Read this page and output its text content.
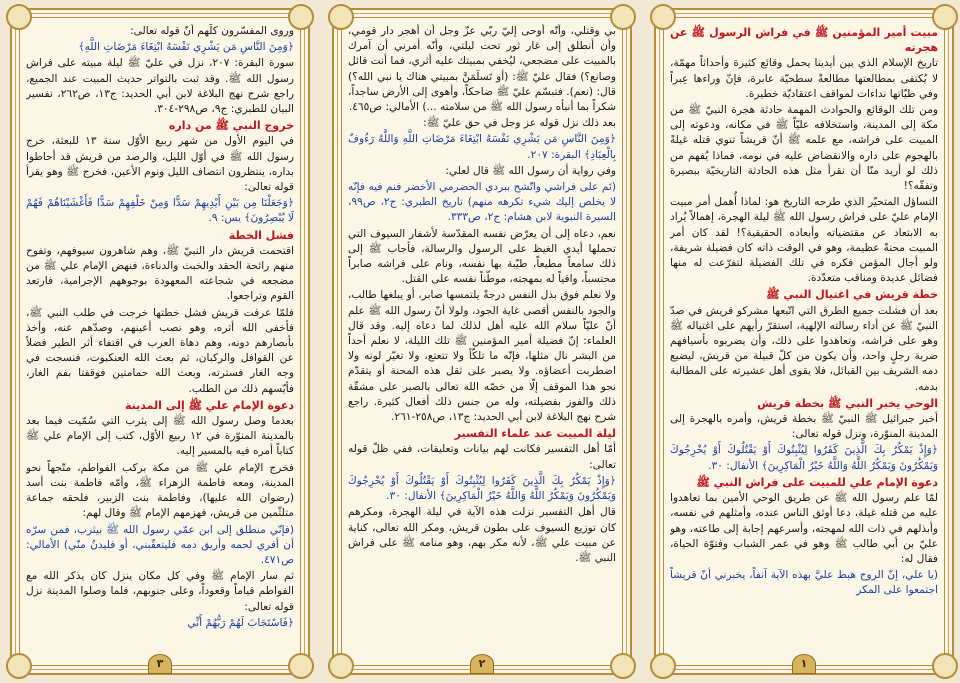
مبيت أمير المؤمنين ﷺ في فراش الرسول ﷺ عن هجرته

تاريخ الإسلام الذي بين أيدينا يحمل وقائع كثيرة وأحداثاً مهمّة، لا يُكتفى بمطالعتها مطالعةً سطحيّة عابرة، فإنّ وراءها عِبراً وفي طيّاتها نداءات لمواقف اعتقاديّة خطيرة.

ومن تلك الوقائع والحوادث المهمة حادثة هجرة النبيّ ﷺ من مكة إلى المدينة، واستخلافه عليّاً ﷺ في مكانه، ودعوته إلى المبيت على فراشه، مع علمه ﷺ أنّ قريشاً تنوي قتله غيلةً بالهجوم على داره والانقضاض عليه في نومه، فماذا يُفهم من ذلك لو أريد منّا أن نقرأ مثل هذه الحادثة التاريخيّة ببصيرة وتفقّه؟!

التساؤل المتحيّر الذي طرحه التاريخ هو: لماذا أُهمل أمر مبيت الإمام عليّ على فراش رسول الله ﷺ ليلة الهجرة، إهمالاً يُراد به الابتعاد عن مقتضياته وأبعاده الحقيقية؟! لقد كان أمر المبيت محنةً عظيمة، وهو في الوقت ذاته كان فضيلة شريفة، ولو أجال المؤمن فكره في تلك الفضيلة لتفرّعت له منها فضائل عديدة ومناقب متعدّدة.

خطة قريش في اغتيال النبي ﷺ

بعد أن فشلت جميع الطرق التي اتّبعها مشركو قريش في صدّ النبيّ ﷺ عن أداء رسالته الإلهية، استقرّ رأيهم على اغتياله ﷺ وهو على فراشه، وتعاهدوا على ذلك، وأن يضربوه بأسيافهم ضربة رجلٍ واحد، وأن يكون من كلّ قبيلة من قريش، ليضيع دمه الشريف بين القبائل، فلا يقوى أهل عشيرته على المطالبة بدمه.

الوحي يخبر النبي ﷺ بخطة قريش

أخبر جبرائيل ﷺ النبيّ ﷺ بخطة قريش، وأمره بالهجرة إلى المدينة المنوّرة، ونزل قوله تعالى:

﴿وَإِذْ يَمْكُرُ بِكَ الَّذِينَ كَفَرُوا لِيُثْبِتُوكَ أَوْ يَقْتُلُوكَ أَوْ يُخْرِجُوكَ وَيَمْكُرُونَ وَيَمْكُرُ اللَّهُ وَاللَّهُ خَيْرُ الْمَاكِرِينَ﴾ الأنفال: ٣٠.

دعوة الإمام علي للمبيت على فراش النبي ﷺ

لمّا علم رسول الله ﷺ عن طريق الوحي الأمين بما تعاهدوا عليه من قتله غيلة، دعا أوثق الناس عنده، وأمثلهم في نفسه، وأبذلهم في ذات الله لمهجته، وأسرعهم إجابة إلى طاعته، وهو عليّ بن أبي طالب ﷺ وهو في عمر الشباب وفتوّة الحياة، فقال له:

(يا علي، إنّ الروح هبط عليَّ بهذه الآية آنفاً، يخبرني أنّ قريشاً اجتمعوا على المكر

١

بي وقتلي، وأنّه أوحى إليّ ربّي عزّ وجل أن أهجر دار قومي، وأن أنطلق إلى غار ثور تحت ليلتي، وأنّه أمرني أن آمرك بالمبيت على مضجعي، ليُخفي بمبيتك عليه أثري، فما أنت قائل وصانع؟) فقال عليّ ﷺ: (أو تَسلَمَنَّ بمبيتي هناك يا نبي الله؟) قال: (نعم). فتبسّم عليّ ﷺ ضاحكاً، وأهوى إلى الأرض ساجداً، شكراً بما أنبأه رسول الله ﷺ من سلامته ...) الأمالي: ص٤٦٥.

بعد ذلك نزل قوله عز وجل في حق عليّ ﷺ:

﴿وَمِنَ النَّاسِ مَن يَشْرِي نَفْسَهُ ابْتِغَاءَ مَرْضَاتِ اللَّهِ وَاللَّهُ رَءُوفٌ بِالْعِبَادِ﴾ البقرة: ٢٠٧.

وفي رواية أن رسول الله ﷺ قال لعلي:

(نَم على فراشي واتّشح ببردي الحضرمي الأخضر فنم فيه فإنّه لا يخلص إليك شيء تكرهه منهم) تاريخ الطبري: ج٢، ص٩٩، السيرة النبوية لابن هشام: ج٢، ص٣٣٣.

نعم، دعاه إلى أن يعرّض نفسه المقدّسة لأشفار السيوف التي تحملها أيدي الغيظ على الرسول والرسالة، فأجاب ﷺ إلى ذلك سامعاً مطيعاً، طيّبة بها نفسه، ونام على فراشه صابراً محتسباً، واقياً له بمهجته، موطّناً نفسه على القتل.

ولا نعلم فوق بذل النفس درجةً يلتمسها صابر، أو يبلغها طالب، والجود بالنفس أقصى غاية الجود، ولولا أنّ رسول الله ﷺ علم أنّ عليّاً سلام الله عليه أهل لذلك لما دعاه إليه. وقد قال العلماء: إنّ فضيلة أمير المؤمنين ﷺ تلك الليلة، لا نعلم أحداً من البشر نال مثلها، فإنّه ما تلكّأ ولا تتعتع، ولا تغيّر لونه ولا اضطربت أعضاؤه. ولا يصبر على ثقل هذه المحنة أو يتقدّم نحو هذا الموقف إلّا من خصّه الله تعالى بالصبر على مشقّة ذلك والفوز بفضيلته، وله من جنس ذلك أفعال كثيرة. راجع شرح نهج البلاغة لابن أبي الحديد: ج١٣، ص٢٥٨-٢٦١.

ليلة المبيت عند علماء التفسير

أمّا أهل التفسير فكانت لهم بيانات وتعليقات، ففي ظلّ قوله تعالى:

﴿وَإِذْ يَمْكُرُ بِكَ الَّذِينَ كَفَرُوا لِيُثْبِتُوكَ أَوْ يَقْتُلُوكَ أَوْ يُخْرِجُوكَ وَيَمْكُرُونَ وَيَمْكُرُ اللَّهُ وَاللَّهُ خَيْرُ الْمَاكِرِينَ﴾ الأنفال: ٣٠.

قال أهل التفسير نزلت هذه الآية في ليلة الهجرة، ومكرهم كان توزيع السيوف على بطون قريش، ومكر الله تعالى، كناية عن مبيت علي ﷺ، لأنه مكر بهم، وهو منامه ﷺ على فراش النبي ﷺ.

٢

وروى المفسّرون كلّهم أنّ قوله تعالى:

﴿وَمِنَ النَّاسِ مَن يَشْرِي نَفْسَهُ ابْتِغَاءَ مَرْضَاتِ اللَّهِ﴾

سورة البقرة: ٢٠٧، نزل في عليّ ﷺ ليلة مبيته على فراش رسول الله ﷺ. وقد ثبت بالتواتر حديث المبيت عند الجميع، راجع شرح نهج البلاغة لابن أبي الحديد: ج١٣، ص٢٦٢، تفسير البيان للطبري: ج٩، ص٢٩٨-٣٠٤.

خروج النبي ﷺ من داره

في اليوم الأول من شهر ربيع الأوّل سنة ١٣ للبعثة، خرج رسول الله ﷺ في أوّل الليل، والرصد من قريش قد أحاطوا بداره، ينتظرون انتصاف الليل ونوم الأعين، فخرج ﷺ وهو يقرأ قوله تعالى:

﴿وَجَعَلْنَا مِن بَيْنِ أَيْدِيهِمْ سَدًّا وَمِنْ خَلْفِهِمْ سَدًّا فَأَغْشَيْنَاهُمْ فَهُمْ لَا يُبْصِرُونَ﴾ يس: ٩.

فشل الخطة

اقتحمت قريش دار النبيّ ﷺ، وهم شاهرون سيوفهم، وتفوح منهم رائحة الحقد والخبث والدناءة، فنهض الإمام علي ﷺ من مضجعه في شجاعته المعهودة بوجوههم الإجرامية، فارتعد القوم وتراجعوا.

فلمّا عرفت قريش فشل خطتها خرجت في طلب النبي ﷺ، فأخفى الله أثره، وهو نصب أعينهم، وصدّهم عنه، وأخذ بأبصارهم دونه، وهم دهاة العرب في اقتفاء أثر الطير فضلاً عن القوافل والركبان، ثم بعث الله العنكبوت، فنسجت في وجه الغار فسترته، وبعث الله حمامتين فوقفتا بفم الغار، فأيّسهم ذلك من الطلب.

دعوة الإمام علي ﷺ إلى المدينة

بعدما وصل رسول الله ﷺ إلى يثرب التي سُمّيت فيما بعد بالمدينة المنوّرة في ١٢ ربيع الأوّل، كتب إلى الإمام علي ﷺ كتاباً أمره فيه بالمسير إليه.

فخرج الإمام علي ﷺ من مكة بركب الفواطم، متّجهاً نحو المدينة، ومعه فاطمة الزهراء ﷺ، وأمّه فاطمة بنت أسد (رضوان الله عليها)، وفاطمة بنت الزبير، فلحقه جماعة متلثّمين من قريش، فهزمهم الإمام ﷺ وقال لهم:

(فإنّي منطلق إلى ابن عمّي رسول الله ﷺ بيثرب، فمن سرّه أن أفري لحمه وأريق دمه فليتعقّبني، أو فليدنُ منّي) الأمالي: ص٤٧١.

ثم سار الإمام ﷺ وفي كل مكان ينزل كان يذكر الله مع الفواطم قياماً وقعوداً، وعلى جنوبهم، فلما وصلوا المدينة نزل قوله تعالى:

﴿فَاسْتَجَابَ لَهُمْ رَبُّهُمْ أَنِّي

٣
